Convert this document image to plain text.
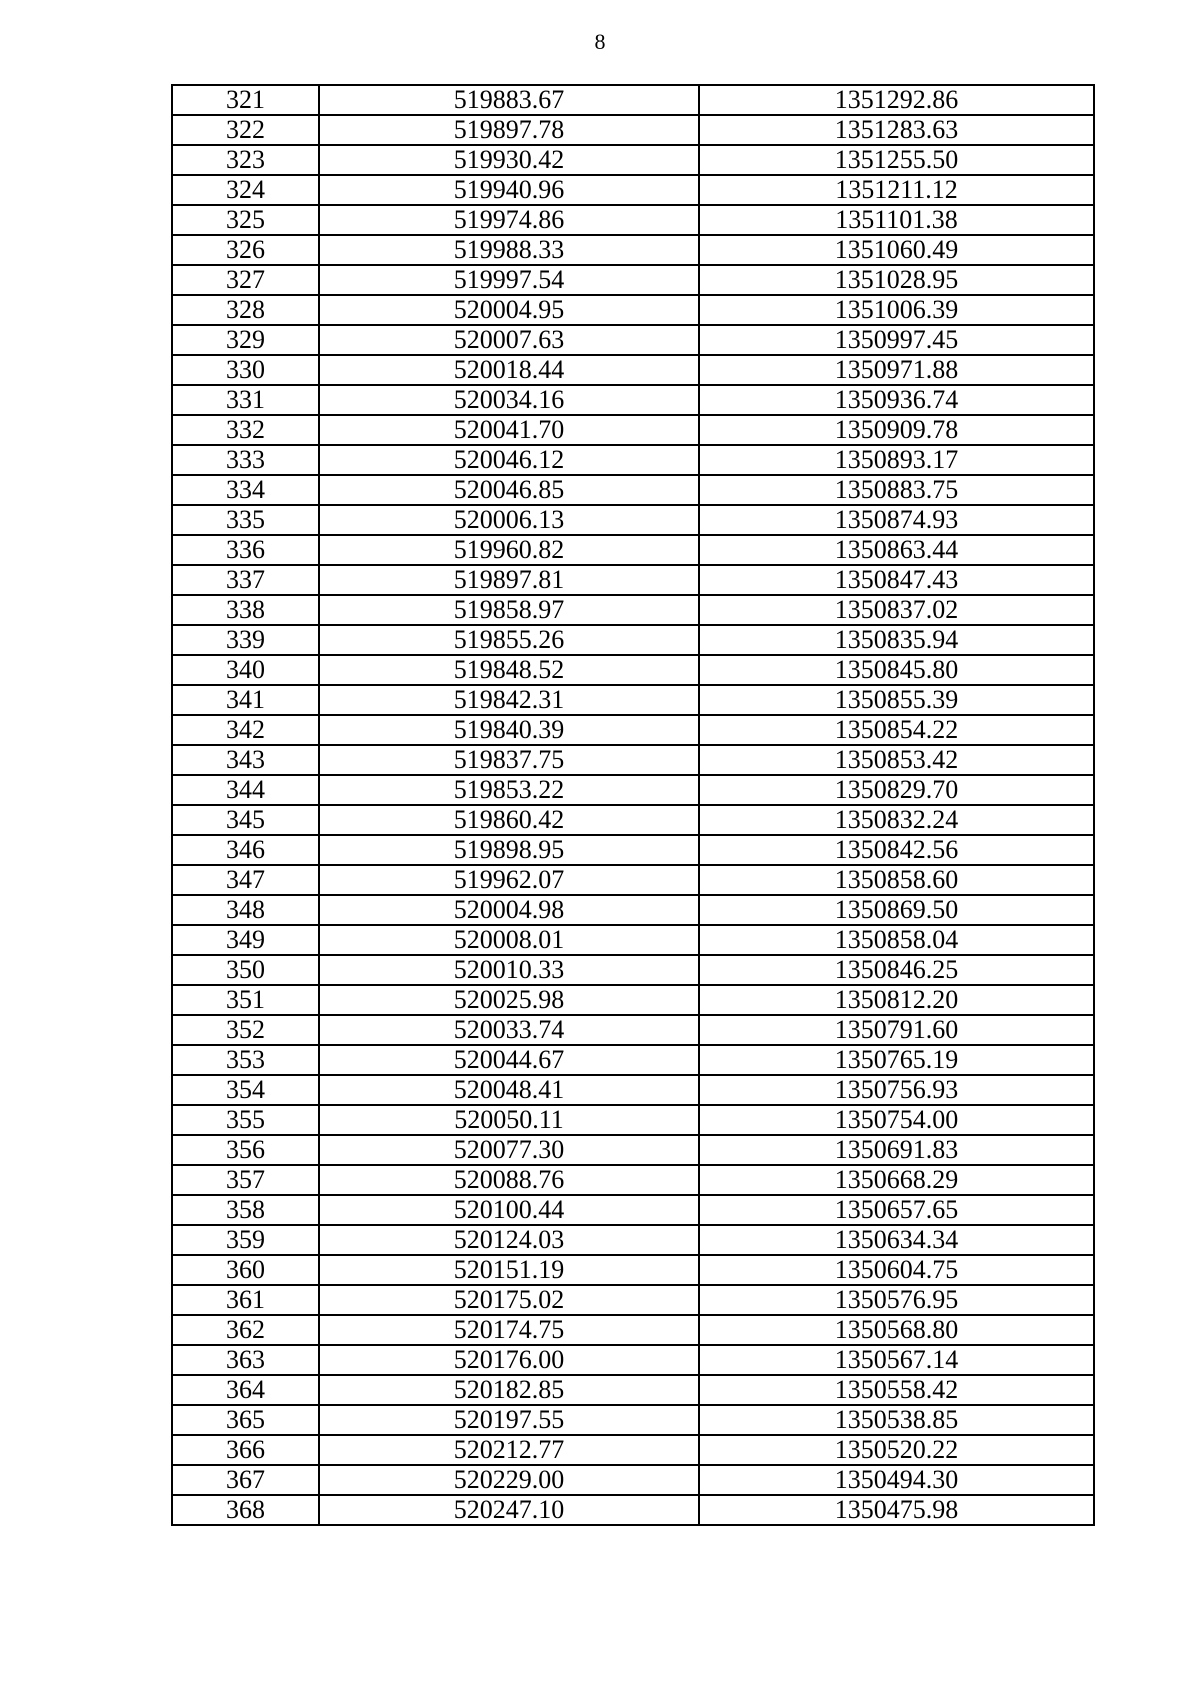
8
321	519883.67	1351292.86
322	519897.78	1351283.63
323	519930.42	1351255.50
324	519940.96	1351211.12
325	519974.86	1351101.38
326	519988.33	1351060.49
327	519997.54	1351028.95
328	520004.95	1351006.39
329	520007.63	1350997.45
330	520018.44	1350971.88
331	520034.16	1350936.74
332	520041.70	1350909.78
333	520046.12	1350893.17
334	520046.85	1350883.75
335	520006.13	1350874.93
336	519960.82	1350863.44
337	519897.81	1350847.43
338	519858.97	1350837.02
339	519855.26	1350835.94
340	519848.52	1350845.80
341	519842.31	1350855.39
342	519840.39	1350854.22
343	519837.75	1350853.42
344	519853.22	1350829.70
345	519860.42	1350832.24
346	519898.95	1350842.56
347	519962.07	1350858.60
348	520004.98	1350869.50
349	520008.01	1350858.04
350	520010.33	1350846.25
351	520025.98	1350812.20
352	520033.74	1350791.60
353	520044.67	1350765.19
354	520048.41	1350756.93
355	520050.11	1350754.00
356	520077.30	1350691.83
357	520088.76	1350668.29
358	520100.44	1350657.65
359	520124.03	1350634.34
360	520151.19	1350604.75
361	520175.02	1350576.95
362	520174.75	1350568.80
363	520176.00	1350567.14
364	520182.85	1350558.42
365	520197.55	1350538.85
366	520212.77	1350520.22
367	520229.00	1350494.30
368	520247.10	1350475.98
